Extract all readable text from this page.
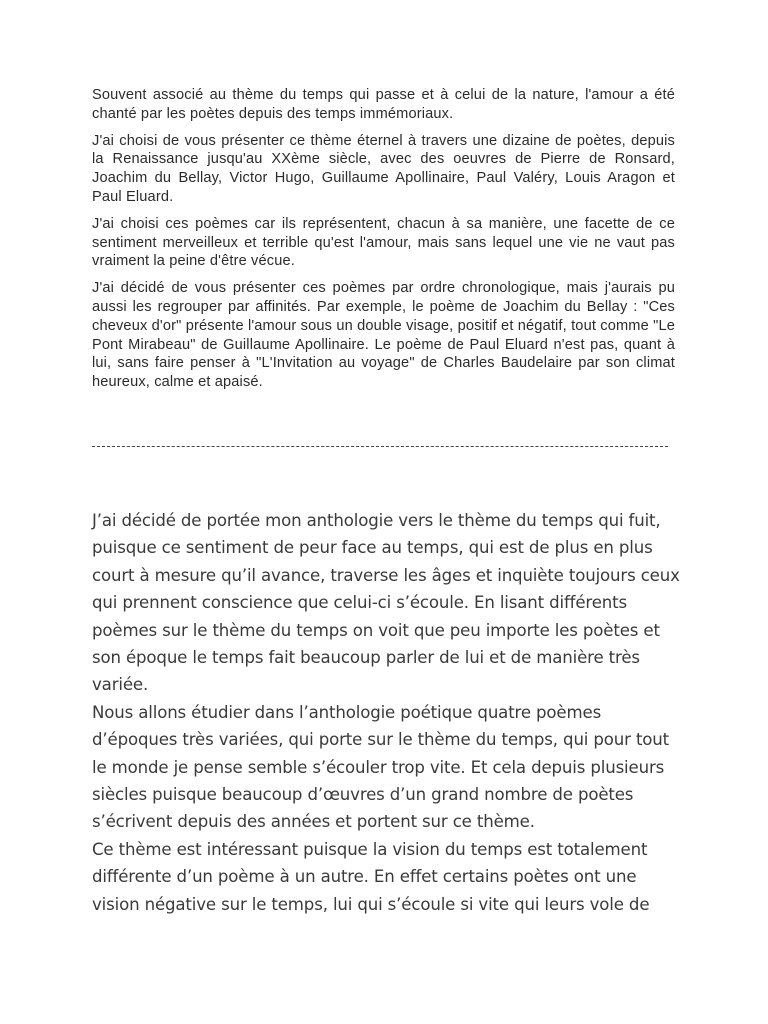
Souvent associé au thème du temps qui passe et à celui de la nature, l'amour a été chanté par les poètes depuis des temps immémoriaux.

J'ai choisi de vous présenter ce thème éternel à travers une dizaine de poètes, depuis la Renaissance jusqu'au XXème siècle, avec des oeuvres de Pierre de Ronsard, Joachim du Bellay, Victor Hugo, Guillaume Apollinaire, Paul Valéry, Louis Aragon et Paul Eluard.

J'ai choisi ces poèmes car ils représentent, chacun à sa manière, une facette de ce sentiment merveilleux et terrible qu'est l'amour, mais sans lequel une vie ne vaut pas vraiment la peine d'être vécue.

J'ai décidé de vous présenter ces poèmes par ordre chronologique, mais j'aurais pu aussi les regrouper par affinités. Par exemple, le poème de Joachim du Bellay : "Ces cheveux d'or" présente l'amour sous un double visage, positif et négatif, tout comme "Le Pont Mirabeau" de Guillaume Apollinaire. Le poème de Paul Eluard n'est pas, quant à lui, sans faire penser à "L'Invitation au voyage" de Charles Baudelaire par son climat heureux, calme et apaisé.

J’ai décidé de portée mon anthologie vers le thème du temps qui fuit, puisque ce sentiment de peur face au temps, qui est de plus en plus court à mesure qu’il avance, traverse les âges et inquiète toujours ceux qui prennent conscience que celui-ci s’écoule. En lisant différents poèmes sur le thème du temps on voit que peu importe les poètes et son époque le temps fait beaucoup parler de lui et de manière très variée.

Nous allons étudier dans l’anthologie poétique quatre poèmes d’époques très variées, qui porte sur le thème du temps, qui pour tout le monde je pense semble s’écouler trop vite. Et cela depuis plusieurs siècles puisque beaucoup d’œuvres d’un grand nombre de poètes s’écrivent depuis des années et portent sur ce thème.

Ce thème est intéressant puisque la vision du temps est totalement différente d’un poème à un autre. En effet certains poètes ont une vision négative sur le temps, lui qui s’écoule si vite qui leurs vole de
